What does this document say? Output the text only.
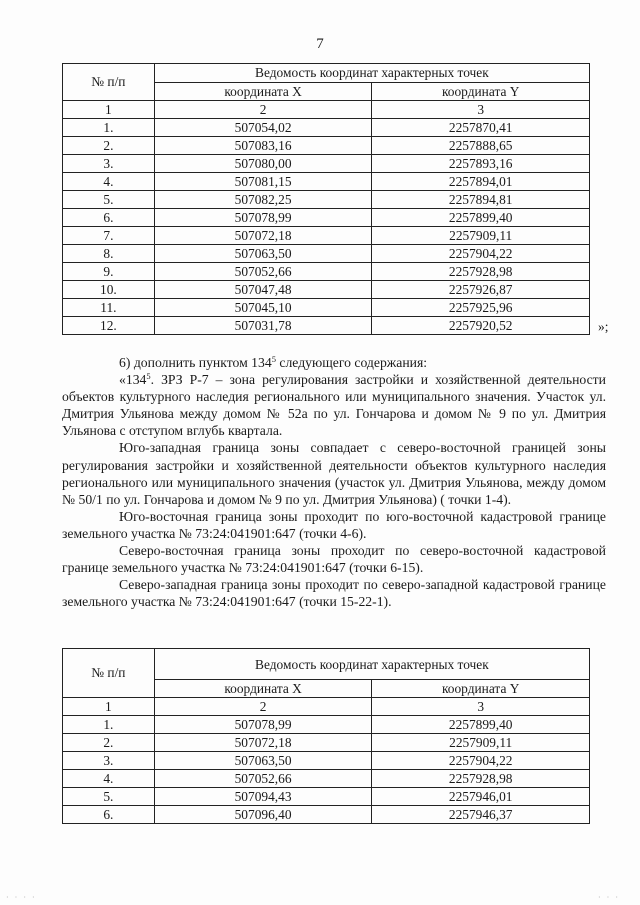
7
№ п/п	Ведомость координат характерных точек	
	координата X	координата Y
1	2	3
1.	507054,02	2257870,41
2.	507083,16	2257888,65
3.	507080,00	2257893,16
4.	507081,15	2257894,01
5.	507082,25	2257894,81
6.	507078,99	2257899,40
7.	507072,18	2257909,11
8.	507063,50	2257904,22
9.	507052,66	2257928,98
10.	507047,48	2257926,87
11.	507045,10	2257925,96
12.	507031,78	2257920,52	»;

6) дополнить пунктом $134^5$ следующего содержания:

«$134^5$. ЗРЗ Р-7 – зона регулирования застройки и хозяйственной деятельности объектов культурного наследия регионального или муниципального значения. Участок ул. Дмитрия Ульянова между домом № 52а по ул. Гончарова и домом № 9 по ул. Дмитрия Ульянова с отступом вглубь квартала.

Юго-западная граница зоны совпадает с северо-восточной границей зоны регулирования застройки и хозяйственной деятельности объектов культурного наследия регионального или муниципального значения (участок ул. Дмитрия Ульянова, между домом № 50/1 по ул. Гончарова и домом № 9 по ул. Дмитрия Ульянова) ( точки 1-4).

Юго-восточная граница зоны проходит по юго-восточной кадастровой границе земельного участка № 73:24:041901:647 (точки 4-6).

Северо-восточная граница зоны проходит по северо-восточной кадастровой границе земельного участка № 73:24:041901:647 (точки 6-15).

Северо-западная граница зоны проходит по северо-западной кадастровой границе земельного участка № 73:24:041901:647 (точки 15-22-1).

№ п/п	Ведомость координат характерных точек	
	координата X	координата Y
1	2	3
1.	507078,99	2257899,40
2.	507072,18	2257909,11
3.	507063,50	2257904,22
4.	507052,66	2257928,98
5.	507094,43	2257946,01
6.	507096,40	2257946,37
· · · ·	· · ·
